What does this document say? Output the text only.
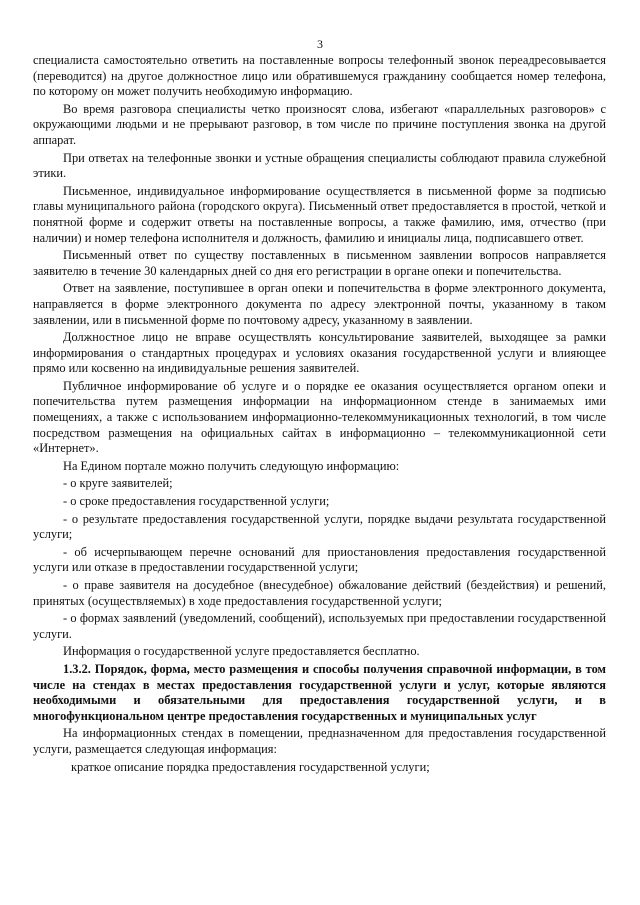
3

специалиста самостоятельно ответить на поставленные вопросы телефонный звонок переадресовывается (переводится) на другое должностное лицо или обратившемуся гражданину сообщается номер телефона, по которому он может получить необходимую информацию.

Во время разговора специалисты четко произносят слова, избегают «параллельных разговоров» с окружающими людьми и не прерывают разговор, в том числе по причине поступления звонка на другой аппарат.

При ответах на телефонные звонки и устные обращения специалисты соблюдают правила служебной этики.

Письменное, индивидуальное информирование осуществляется в письменной форме за подписью главы муниципального района (городского округа). Письменный ответ предоставляется в простой, четкой и понятной форме и содержит ответы на поставленные вопросы, а также фамилию, имя, отчество (при наличии) и номер телефона исполнителя и должность, фамилию и инициалы лица, подписавшего ответ.

Письменный ответ по существу поставленных в письменном заявлении вопросов направляется заявителю в течение 30 календарных дней со дня его регистрации в органе опеки и попечительства.

Ответ на заявление, поступившее в орган опеки и попечительства в форме электронного документа, направляется в форме электронного документа по адресу электронной почты, указанному в таком заявлении, или в письменной форме по почтовому адресу, указанному в заявлении.

Должностное лицо не вправе осуществлять консультирование заявителей, выходящее за рамки информирования о стандартных процедурах и условиях оказания государственной услуги и влияющее прямо или косвенно на индивидуальные решения заявителей.

Публичное информирование об услуге и о порядке ее оказания осуществляется органом опеки и попечительства путем размещения информации на информационном стенде в занимаемых ими помещениях, а также с использованием информационно-телекоммуникационных технологий, в том числе посредством размещения на официальных сайтах в информационно – телекоммуникационной сети «Интернет».

На Едином портале можно получить следующую информацию:

- о круге заявителей;

- о сроке предоставления государственной услуги;

- о результате предоставления государственной услуги, порядке выдачи результата государственной услуги;

- об исчерпывающем перечне оснований для приостановления предоставления государственной услуги или отказе в предоставлении государственной услуги;

- о праве заявителя на досудебное (внесудебное) обжалование действий (бездействия) и решений, принятых (осуществляемых) в ходе предоставления государственной услуги;

- о формах заявлений (уведомлений, сообщений), используемых при предоставлении государственной услуги.

Информация о государственной услуге предоставляется бесплатно.

1.3.2. Порядок, форма, место размещения и способы получения справочной информации, в том числе на стендах в местах предоставления государственной услуги и услуг, которые являются необходимыми и обязательными для предоставления государственной услуги, и в многофункциональном центре предоставления государственных и муниципальных услуг

На информационных стендах в помещении, предназначенном для предоставления государственной услуги, размещается следующая информация:

краткое описание порядка предоставления государственной услуги;
